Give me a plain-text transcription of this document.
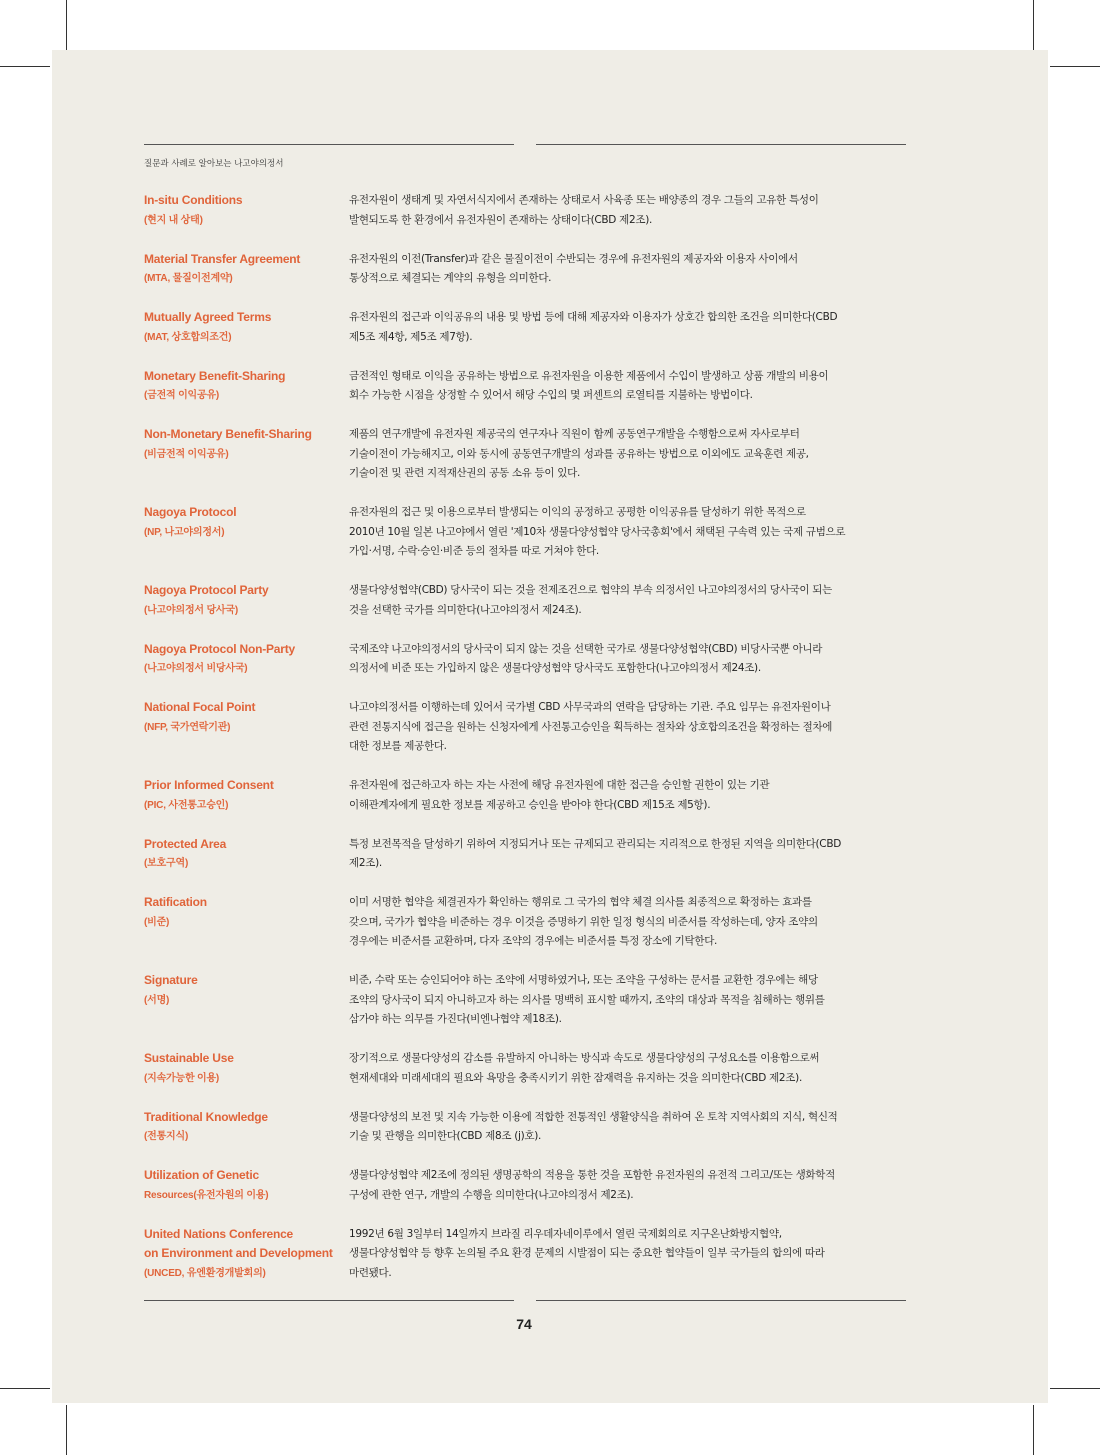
질문과 사례로 알아보는 나고야의정서
In-situ Conditions
(현지 내 상태)
유전자원이 생태계 및 자연서식지에서 존재하는 상태로서 사육종 또는 배양종의 경우 그들의 고유한 특성이
발현되도록 한 환경에서 유전자원이 존재하는 상태이다(CBD 제2조).
Material Transfer Agreement
(MTA, 물질이전계약)
유전자원의 이전(Transfer)과 같은 물질이전이 수반되는 경우에 유전자원의 제공자와 이용자 사이에서
통상적으로 체결되는 계약의 유형을 의미한다.
Mutually Agreed Terms
(MAT, 상호합의조건)
유전자원의 접근과 이익공유의 내용 및 방법 등에 대해 제공자와 이용자가 상호간 합의한 조건을 의미한다(CBD
제5조 제4항, 제5조 제7항).
Monetary Benefit-Sharing
(금전적 이익공유)
금전적인 형태로 이익을 공유하는 방법으로 유전자원을 이용한 제품에서 수입이 발생하고 상품 개발의 비용이
회수 가능한 시점을 상정할 수 있어서 해당 수입의 몇 퍼센트의 로열티를 지불하는 방법이다.
Non-Monetary Benefit-Sharing
(비금전적 이익공유)
제품의 연구개발에 유전자원 제공국의 연구자나 직원이 함께 공동연구개발을 수행함으로써 자사로부터
기술이전이 가능해지고, 이와 동시에 공동연구개발의 성과를 공유하는 방법으로 이외에도 교육훈련 제공,
기술이전 및 관련 지적재산권의 공동 소유 등이 있다.
Nagoya Protocol
(NP, 나고야의정서)
유전자원의 접근 및 이용으로부터 발생되는 이익의 공정하고 공평한 이익공유를 달성하기 위한 목적으로
2010년 10월 일본 나고야에서 열린 '제10차 생물다양성협약 당사국총회'에서 채택된 구속력 있는 국제 규범으로
가입·서명, 수락·승인·비준 등의 절차를 따로 거쳐야 한다.
Nagoya Protocol Party
(나고야의정서 당사국)
생물다양성협약(CBD) 당사국이 되는 것을 전제조건으로 협약의 부속 의정서인 나고야의정서의 당사국이 되는
것을 선택한 국가를 의미한다(나고야의정서 제24조).
Nagoya Protocol Non-Party
(나고야의정서 비당사국)
국제조약 나고야의정서의 당사국이 되지 않는 것을 선택한 국가로 생물다양성협약(CBD) 비당사국뿐 아니라
의정서에 비준 또는 가입하지 않은 생물다양성협약 당사국도 포함한다(나고야의정서 제24조).
National Focal Point
(NFP, 국가연락기관)
나고야의정서를 이행하는데 있어서 국가별 CBD 사무국과의 연락을 담당하는 기관. 주요 임무는 유전자원이나
관련 전통지식에 접근을 원하는 신청자에게 사전통고승인을 획득하는 절차와 상호합의조건을 확정하는 절차에
대한 정보를 제공한다.
Prior Informed Consent
(PIC, 사전통고승인)
유전자원에 접근하고자 하는 자는 사전에 해당 유전자원에 대한 접근을 승인할 권한이 있는 기관
이해관계자에게 필요한 정보를 제공하고 승인을 받아야 한다(CBD 제15조 제5항).
Protected Area
(보호구역)
특정 보전목적을 달성하기 위하여 지정되거나 또는 규제되고 관리되는 지리적으로 한정된 지역을 의미한다(CBD
제2조).
Ratification
(비준)
이미 서명한 협약을 체결권자가 확인하는 행위로 그 국가의 협약 체결 의사를 최종적으로 확정하는 효과를
갖으며, 국가가 협약을 비준하는 경우 이것을 증명하기 위한 일정 형식의 비준서를 작성하는데, 양자 조약의
경우에는 비준서를 교환하며, 다자 조약의 경우에는 비준서를 특정 장소에 기탁한다.
Signature
(서명)
비준, 수락 또는 승인되어야 하는 조약에 서명하였거나, 또는 조약을 구성하는 문서를 교환한 경우에는 해당
조약의 당사국이 되지 아니하고자 하는 의사를 명백히 표시할 때까지, 조약의 대상과 목적을 침해하는 행위를
삼가야 하는 의무를 가진다(비엔나협약 제18조).
Sustainable Use
(지속가능한 이용)
장기적으로 생물다양성의 감소를 유발하지 아니하는 방식과 속도로 생물다양성의 구성요소를 이용함으로써
현재세대와 미래세대의 필요와 욕망을 충족시키기 위한 잠재력을 유지하는 것을 의미한다(CBD 제2조).
Traditional Knowledge
(전통지식)
생물다양성의 보전 및 지속 가능한 이용에 적합한 전통적인 생활양식을 취하여 온 토착 지역사회의 지식, 혁신적
기술 및 관행을 의미한다(CBD 제8조 (j)호).
Utilization of Genetic
Resources(유전자원의 이용)
생물다양성협약 제2조에 정의된 생명공학의 적용을 통한 것을 포함한 유전자원의 유전적 그리고/또는 생화학적
구성에 관한 연구, 개발의 수행을 의미한다(나고야의정서 제2조).
United Nations Conference
on Environment and Development
(UNCED, 유엔환경개발회의)
1992년 6월 3일부터 14일까지 브라질 리우데자네이루에서 열린 국제회의로 지구온난화방지협약,
생물다양성협약 등 향후 논의될 주요 환경 문제의 시발점이 되는 중요한 협약들이 일부 국가들의 합의에 따라
마련됐다.
74
